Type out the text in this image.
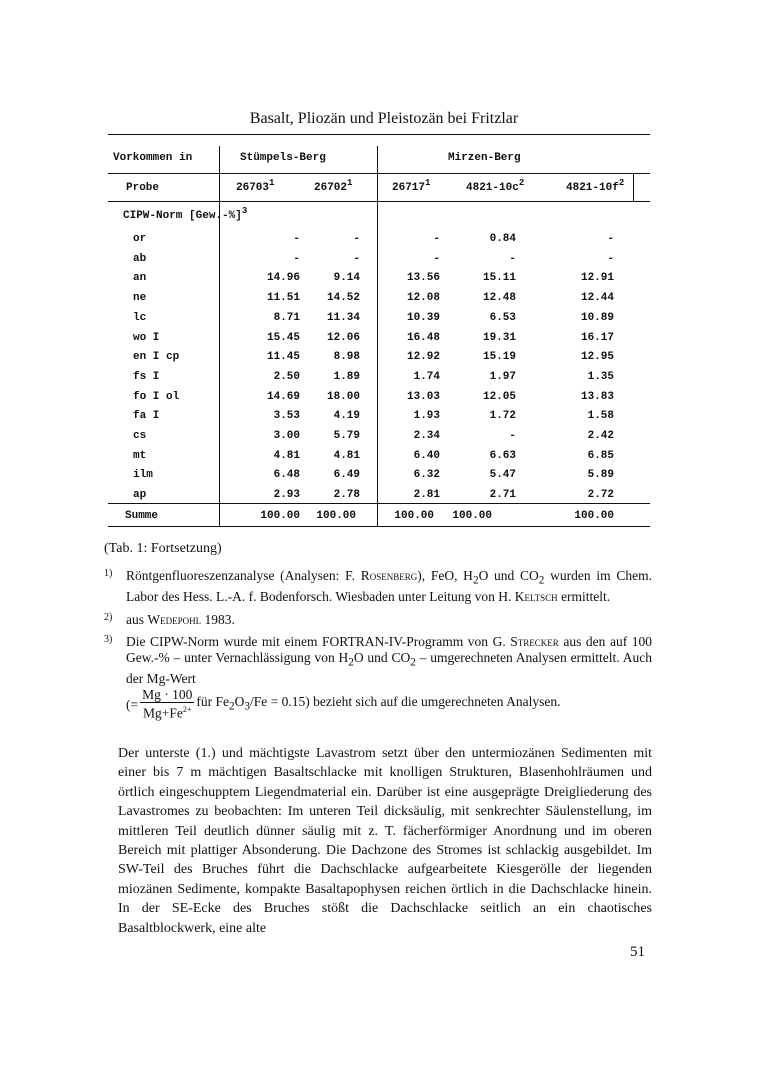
Basalt, Pliozän und Pleistozän bei Fritzlar
Vorkommen in	Stümpels-Berg	Mirzen-Berg
Probe	26703$^1$	26702$^1$	26717$^1$	$4821-10c^2$	$4821-10f^2$
CIPW-Norm $[Gew.-\%]^3$
or	-	-	-	0.84	-
ab	-	-	-	-	-
an	14.96	9.14	13.56	15.11	12.91
ne	11.51	14.52	12.08	12.48	12.44
lc	8.71	11.34	10.39	6.53	10.89
wo I	15.45	12.06	16.48	19.31	16.17
en I cp	11.45	8.98	12.92	15.19	12.95
fs I	2.50	1.89	1.74	1.97	1.35
fo I ol	14.69	18.00	13.03	12.05	13.83
fa I	3.53	4.19	1.93	1.72	1.58
cs	3.00	5.79	2.34	-	2.42
mt	4.81	4.81	6.40	6.63	6.85
ilm	6.48	6.49	6.32	5.47	5.89
ap	2.93	2.78	2.81	2.71	2.72
Summe	100.00	100.00	100.00	100.00	100.00
(Tab. 1: Fortsetzung)
1) Röntgenfluoreszenzanalyse (Analysen: F. Rosenberg), FeO, $H_2O$ und $CO_2$ wurden im Chem. Labor des Hess. L.-A. f. Bodenforsch. Wiesbaden unter Leitung von H. Keltsch ermittelt.
2) aus Wedepohl 1983.
3) Die CIPW-Norm wurde mit einem FORTRAN-IV-Programm von G. Strecker aus den auf 100 Gew.-% – unter Vernachlässigung von $H_2O$ und $CO_2$ – umgerechneten Analysen ermittelt. Auch der Mg-Wert
(= $\frac{Mg \cdot 100}{Mg+Fe^{2+}}$ für $Fe_2O_3/Fe = 0.15$) bezieht sich auf die umgerechneten Analysen.
Der unterste (1.) und mächtigste Lavastrom setzt über den untermiozänen Sedimenten mit einer bis 7 m mächtigen Basaltschlacke mit knolligen Strukturen, Blasenhohlräumen und örtlich eingeschupptem Liegendmaterial ein. Darüber ist eine ausgeprägte Dreigliederung des Lavastromes zu beobachten: Im unteren Teil dicksäulig, mit senkrechter Säulenstellung, im mittleren Teil deutlich dünner säulig mit z. T. fächerförmiger Anordnung und im oberen Bereich mit plattiger Absonderung. Die Dachzone des Stromes ist schlackig ausgebildet. Im SW-Teil des Bruches führt die Dachschlacke aufgearbeitete Kiesgerölle der liegenden miozänen Sedimente, kompakte Basaltapophysen reichen örtlich in die Dachschlacke hinein. In der SE-Ecke des Bruches stößt die Dachschlacke seitlich an ein chaotisches Basaltblockwerk, eine alte
51
